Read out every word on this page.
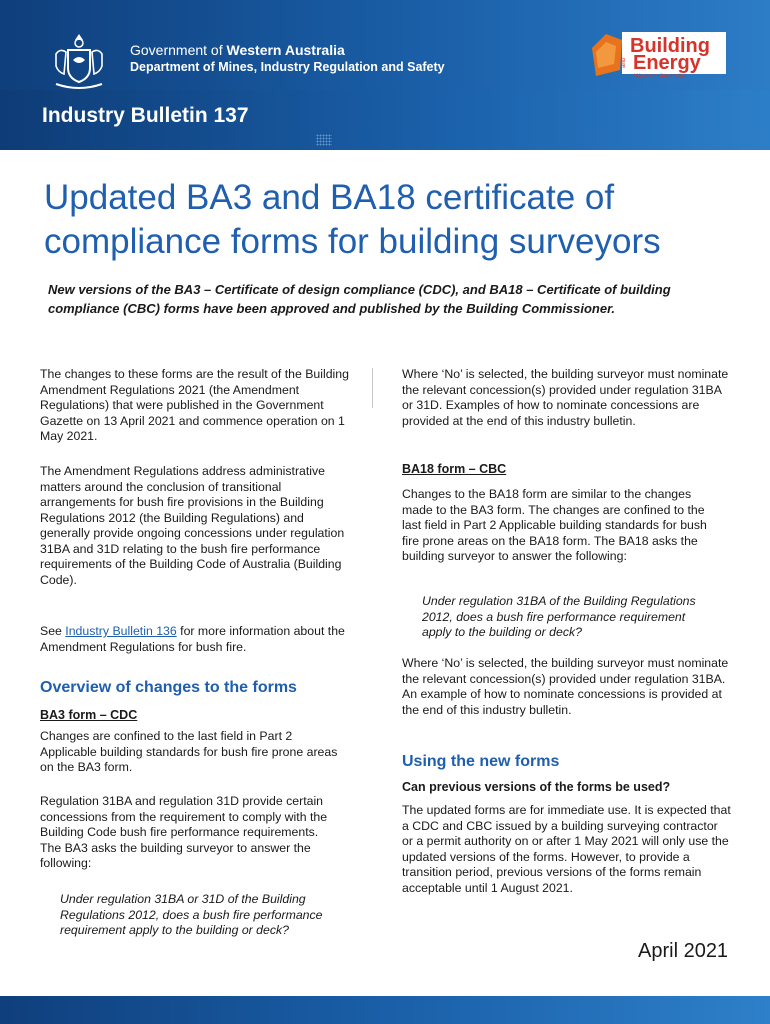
Government of Western Australia
Department of Mines, Industry Regulation and Safety
Building
and Energy
Western Australia
Industry Bulletin 137
Updated BA3 and BA18 certificate of compliance forms for building surveyors

New versions of the BA3 – Certificate of design compliance (CDC), and BA18 – Certificate of building compliance (CBC) forms have been approved and published by the Building Commissioner.

The changes to these forms are the result of the Building Amendment Regulations 2021 (the Amendment Regulations) that were published in the Government Gazette on 13 April 2021 and commence operation on 1 May 2021.

The Amendment Regulations address administrative matters around the conclusion of transitional arrangements for bush fire provisions in the Building Regulations 2012 (the Building Regulations) and generally provide ongoing concessions under regulation 31BA and 31D relating to the bush fire performance requirements of the Building Code of Australia (Building Code).

See Industry Bulletin 136 for more information about the Amendment Regulations for bush fire.

Overview of changes to the forms
BA3 form – CDC

Changes are confined to the last field in Part 2 Applicable building standards for bush fire prone areas on the BA3 form.

Regulation 31BA and regulation 31D provide certain concessions from the requirement to comply with the Building Code bush fire performance requirements. The BA3 asks the building surveyor to answer the following:

Under regulation 31BA or 31D of the Building Regulations 2012, does a bush fire performance requirement apply to the building or deck?

Where ‘No’ is selected, the building surveyor must nominate the relevant concession(s) provided under regulation 31BA or 31D. Examples of how to nominate concessions are provided at the end of this industry bulletin.

BA18 form – CBC

Changes to the BA18 form are similar to the changes made to the BA3 form. The changes are confined to the last field in Part 2 Applicable building standards for bush fire prone areas on the BA18 form. The BA18 asks the building surveyor to answer the following:

Under regulation 31BA of the Building Regulations 2012, does a bush fire performance requirement apply to the building or deck?

Where ‘No’ is selected, the building surveyor must nominate the relevant concession(s) provided under regulation 31BA. An example of how to nominate concessions is provided at the end of this industry bulletin.

Using the new forms
Can previous versions of the forms be used?

The updated forms are for immediate use. It is expected that a CDC and CBC issued by a building surveying contractor or a permit authority on or after 1 May 2021 will only use the updated versions of the forms. However, to provide a transition period, previous versions of the forms remain acceptable until 1 August 2021.

April 2021
